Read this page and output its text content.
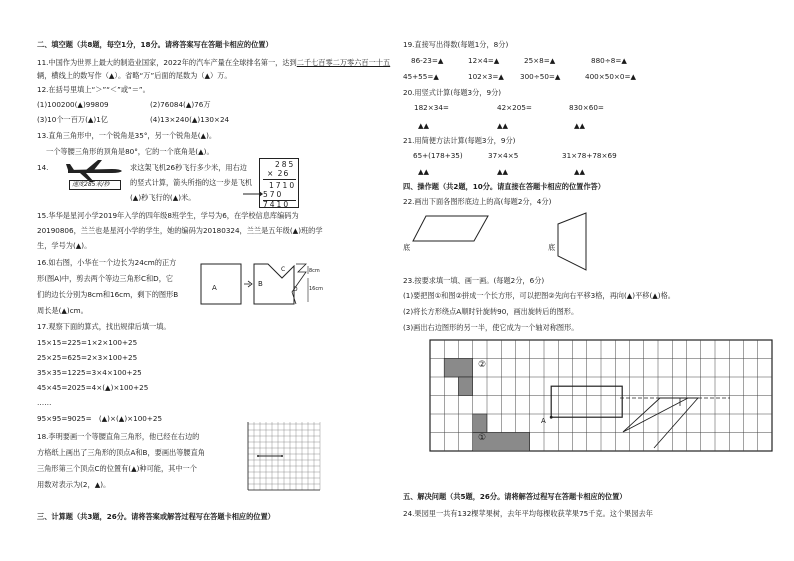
二、填空题（共8题，每空1分，18分。请将答案写在答题卡相应的位置）
11.中国作为世界上最大的制造业国家，2022年的汽车产量在全球排名第一，达到二千七百零二万零六百一十五
辆，横线上的数写作（▲）。省略“万”后面的尾数为（▲）万。
12.在括号里填上“＞”“＜”或“＝”。
(1)100200(▲)99809	(2)76084(▲)76万
(3)10个一百万(▲)1亿	(4)13×240(▲)130×24
13.直角三角形中，一个锐角是35°，另一个锐角是(▲)。
一个等腰三角形的顶角是80°，它的一个底角是(▲)。
14.
速度285米/秒
求这架飞机26秒飞行多少米，用右边
的竖式计算，箭头所指的这一步是飞机
(▲)秒飞行的(▲)米。
285
× 26
1710
570
7410
15.华华是星河小学2019年入学的四年级8班学生，学号为6，在学校信息库编码为
20190806，兰兰也是星河小学的学生，她的编码为20180324，兰兰是五年级(▲)班的学
生，学号为(▲)。
16.如右图，小华在一个边长为24cm的正方
形(图A)中，剪去两个等边三角形C和D，它
们的边长分别为8cm和16cm，剩下的图形B
周长是(▲)cm。
A	B
C
D
8cm
16cm
17.观察下面的算式，找出规律后填一填。
15×15=225=1×2×100+25
25×25=625=2×3×100+25
35×35=1225=3×4×100+25
45×45=2025=4×(▲)×100+25
……
95×95=9025=　(▲)×(▲)×100+25
18.李明要画一个等腰直角三角形，他已经在右边的
方格纸上画出了三角形的顶点A和B，要画出等腰直角
三角形第三个顶点C的位置有(▲)种可能，其中一个
用数对表示为(2，▲)。
三、计算题（共3题，26分。请将答案或解答过程写在答题卡相应的位置）
19.直接写出得数(每题1分，8分)
86-23=▲	12×4=▲	25×8=▲	880÷8=▲
45+55=▲	102×3=▲ 300÷50=▲	400×50×0=▲
20.用竖式计算(每题3分，9分)
182×34=	42×205=	830×60=
▲▲	▲▲	▲▲
21.用简便方法计算(每题3分，9分)
65+(178+35)	37×4×5	31×78+78×69
▲▲	▲▲	▲▲
四、操作题（共2题，10分。请直接在答题卡相应的位置作答）
22.画出下面各图形底边上的高(每题2分，4分)
底	底
23.按要求填一填、画一画。(每题2分，6分)
(1)要把图①和图②拼成一个长方形，可以把图②先向右平移3格，再向(▲)平移(▲)格。
(2)将长方形绕点A顺时针旋转90，画出旋转后的图形。
(3)画出右边图形的另一半，使它成为一个轴对称图形。
②
①
A
五、解决问题（共5题，26分。请将解答过程写在答题卡相应的位置）
24.果园里一共有132棵苹果树，去年平均每棵收获苹果75千克。这个果园去年
